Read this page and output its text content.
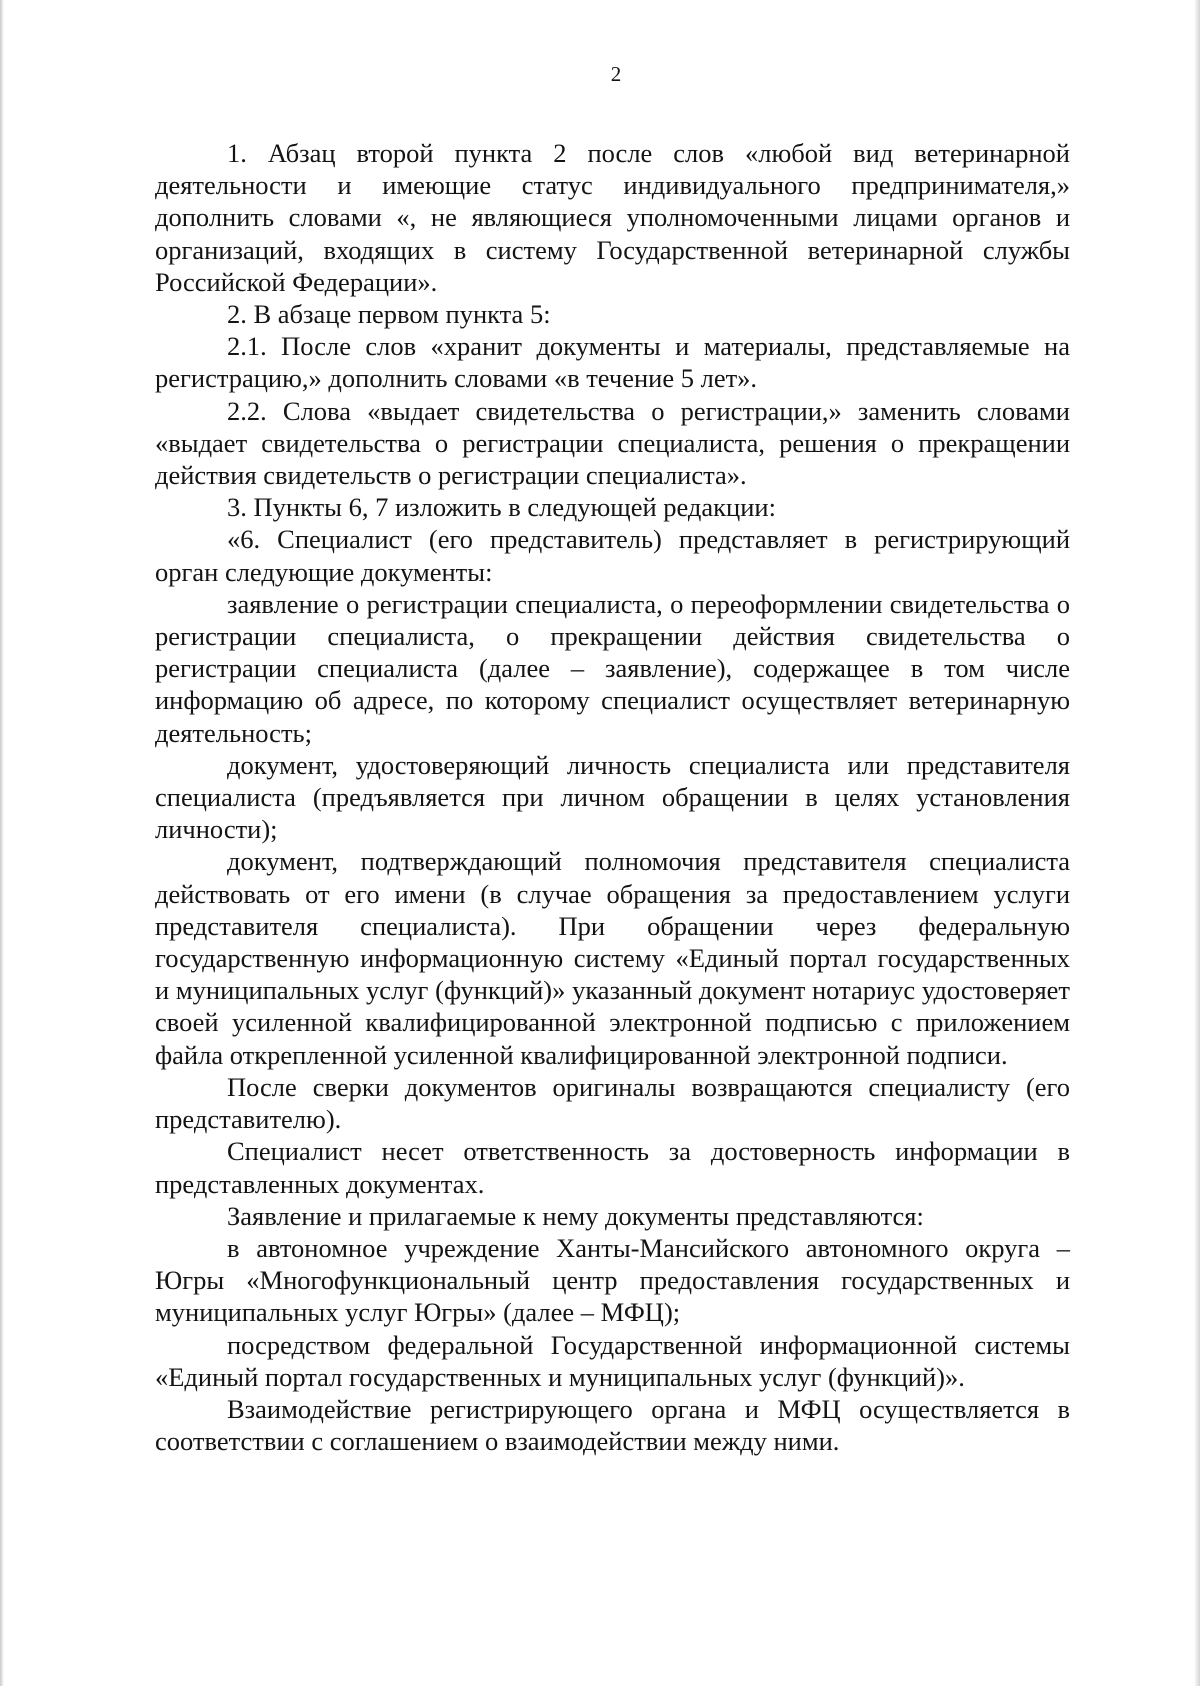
2

1. Абзац второй пункта 2 после слов «любой вид ветеринарной деятельности и имеющие статус индивидуального предпринимателя,» дополнить словами «, не являющиеся уполномоченными лицами органов и организаций, входящих в систему Государственной ветеринарной службы Российской Федерации».

2. В абзаце первом пункта 5:

2.1. После слов «хранит документы и материалы, представляемые на регистрацию,» дополнить словами «в течение 5 лет».

2.2. Слова «выдает свидетельства о регистрации,» заменить словами «выдает свидетельства о регистрации специалиста, решения о прекращении действия свидетельств о регистрации специалиста».

3. Пункты 6, 7 изложить в следующей редакции:

«6. Специалист (его представитель) представляет в регистрирующий орган следующие документы:

заявление о регистрации специалиста, о переоформлении свидетельства о регистрации специалиста, о прекращении действия свидетельства о регистрации специалиста (далее – заявление), содержащее в том числе информацию об адресе, по которому специалист осуществляет ветеринарную деятельность;

документ, удостоверяющий личность специалиста или представителя специалиста (предъявляется при личном обращении в целях установления личности);

документ, подтверждающий полномочия представителя специалиста действовать от его имени (в случае обращения за предоставлением услуги представителя специалиста). При обращении через федеральную государственную информационную систему «Единый портал государственных и муниципальных услуг (функций)» указанный документ нотариус удостоверяет своей усиленной квалифицированной электронной подписью с приложением файла открепленной усиленной квалифицированной электронной подписи.

После сверки документов оригиналы возвращаются специалисту (его представителю).

Специалист несет ответственность за достоверность информации в представленных документах.

Заявление и прилагаемые к нему документы представляются:

в автономное учреждение Ханты-Мансийского автономного округа – Югры «Многофункциональный центр предоставления государственных и муниципальных услуг Югры» (далее – МФЦ);

посредством федеральной Государственной информационной системы «Единый портал государственных и муниципальных услуг (функций)».

Взаимодействие регистрирующего органа и МФЦ осуществляется в соответствии с соглашением о взаимодействии между ними.
